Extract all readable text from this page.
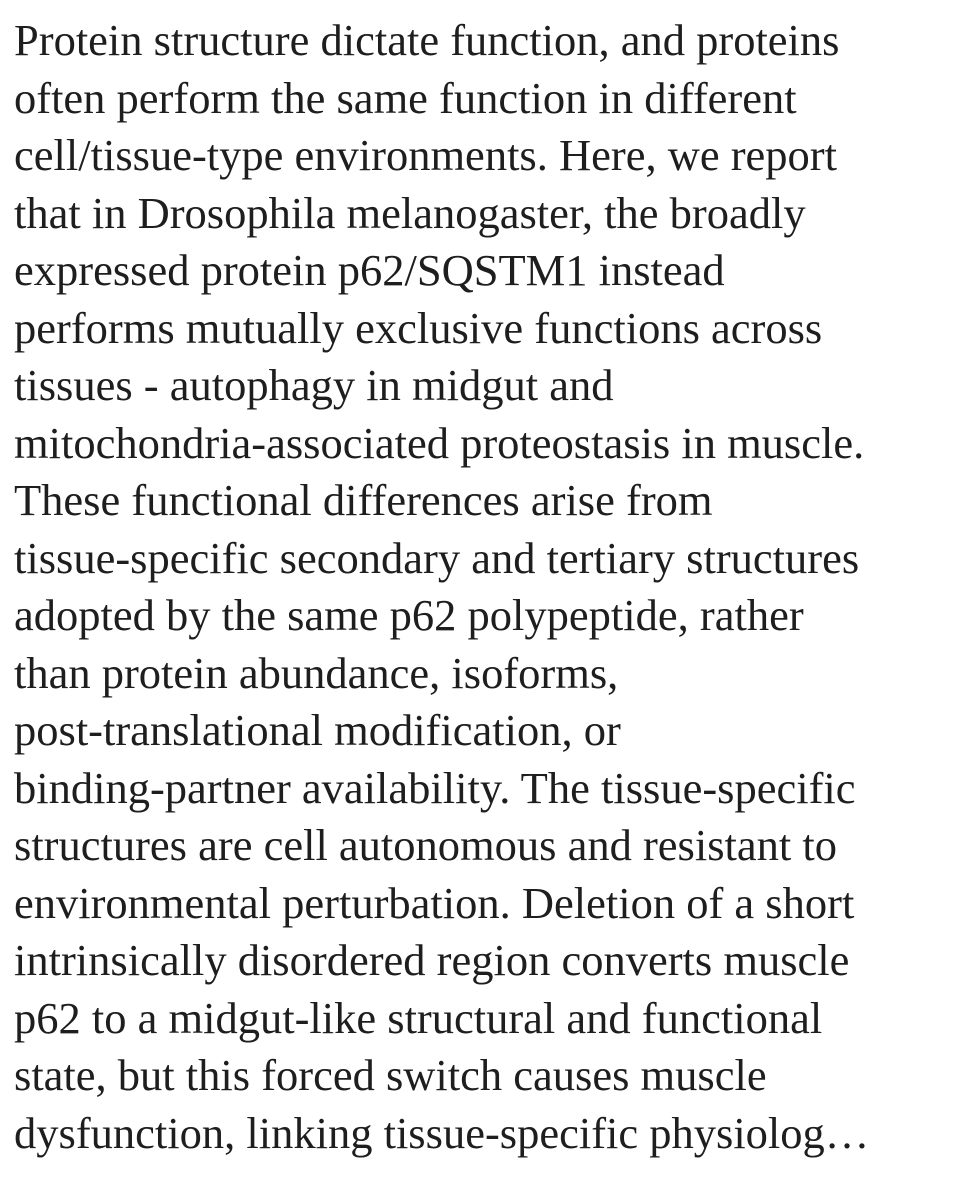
Protein structure dictate function, and proteins
often perform the same function in different
cell/tissue-type environments. Here, we report
that in Drosophila melanogaster, the broadly
expressed protein p62/SQSTM1 instead
performs mutually exclusive functions across
tissues - autophagy in midgut and
mitochondria-associated proteostasis in muscle.
These functional differences arise from
tissue-specific secondary and tertiary structures
adopted by the same p62 polypeptide, rather
than protein abundance, isoforms,
post-translational modification, or
binding-partner availability. The tissue-specific
structures are cell autonomous and resistant to
environmental perturbation. Deletion of a short
intrinsically disordered region converts muscle
p62 to a midgut-like structural and functional
state, but this forced switch causes muscle
dysfunction, linking tissue-specific physiolog…
